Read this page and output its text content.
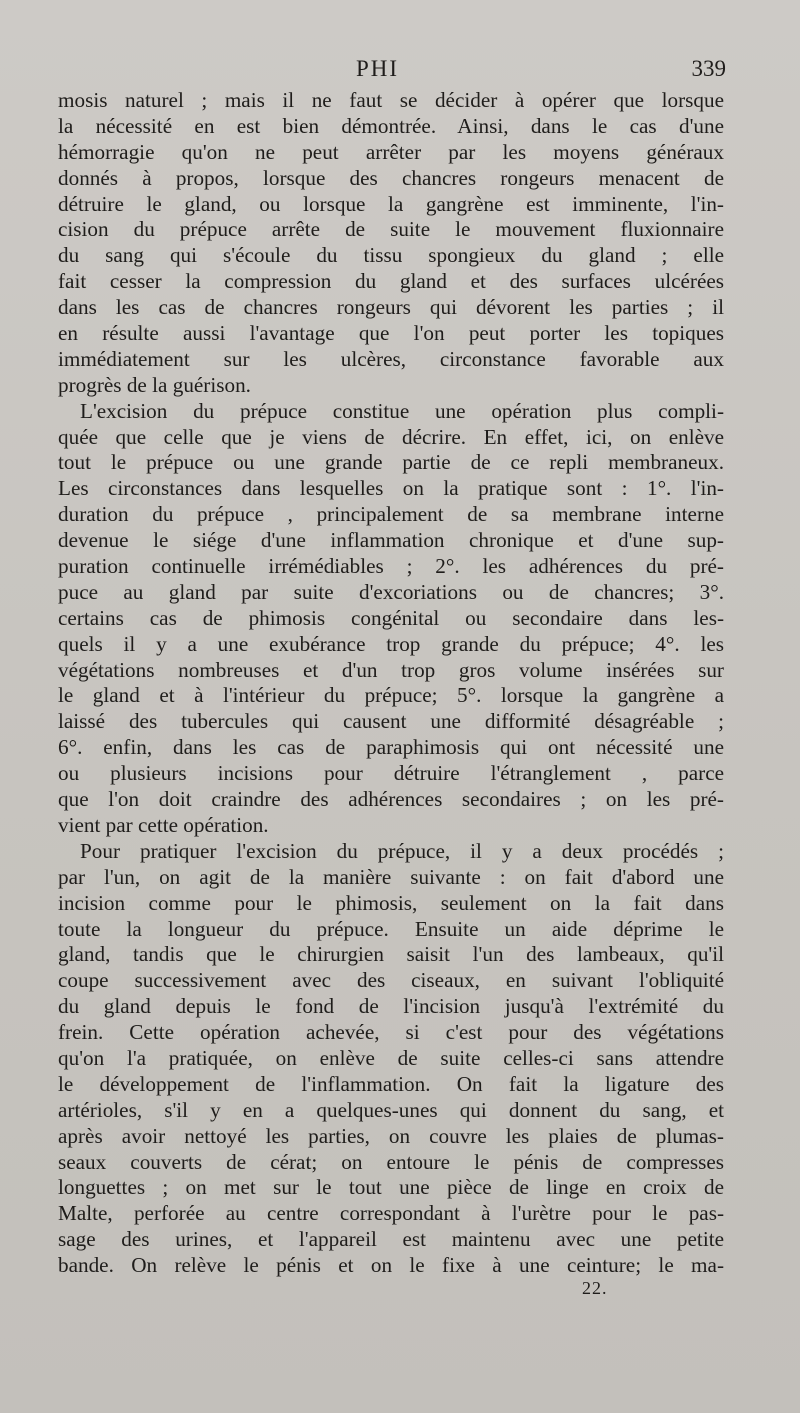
PHI	339
mosis naturel ; mais il ne faut se décider à opérer que lorsque
la nécessité en est bien démontrée. Ainsi, dans le cas d'une
hémorragie qu'on ne peut arrêter par les moyens généraux
donnés à propos, lorsque des chancres rongeurs menacent de
détruire le gland, ou lorsque la gangrène est imminente, l'in-
cision du prépuce arrête de suite le mouvement fluxionnaire
du sang qui s'écoule du tissu spongieux du gland ; elle
fait cesser la compression du gland et des surfaces ulcérées
dans les cas de chancres rongeurs qui dévorent les parties ; il
en résulte aussi l'avantage que l'on peut porter les topiques
immédiatement sur les ulcères, circonstance favorable aux
progrès de la guérison.
L'excision du prépuce constitue une opération plus compli-
quée que celle que je viens de décrire. En effet, ici, on enlève
tout le prépuce ou une grande partie de ce repli membraneux.
Les circonstances dans lesquelles on la pratique sont : 1°. l'in-
duration du prépuce , principalement de sa membrane interne
devenue le siége d'une inflammation chronique et d'une sup-
puration continuelle irrémédiables ; 2°. les adhérences du pré-
puce au gland par suite d'excoriations ou de chancres; 3°.
certains cas de phimosis congénital ou secondaire dans les-
quels il y a une exubérance trop grande du prépuce; 4°. les
végétations nombreuses et d'un trop gros volume insérées sur
le gland et à l'intérieur du prépuce; 5°. lorsque la gangrène a
laissé des tubercules qui causent une difformité désagréable ;
6°. enfin, dans les cas de paraphimosis qui ont nécessité une
ou plusieurs incisions pour détruire l'étranglement , parce
que l'on doit craindre des adhérences secondaires ; on les pré-
vient par cette opération.
Pour pratiquer l'excision du prépuce, il y a deux procédés ;
par l'un, on agit de la manière suivante : on fait d'abord une
incision comme pour le phimosis, seulement on la fait dans
toute la longueur du prépuce. Ensuite un aide déprime le
gland, tandis que le chirurgien saisit l'un des lambeaux, qu'il
coupe successivement avec des ciseaux, en suivant l'obliquité
du gland depuis le fond de l'incision jusqu'à l'extrémité du
frein. Cette opération achevée, si c'est pour des végétations
qu'on l'a pratiquée, on enlève de suite celles-ci sans attendre
le développement de l'inflammation. On fait la ligature des
artérioles, s'il y en a quelques-unes qui donnent du sang, et
après avoir nettoyé les parties, on couvre les plaies de plumas-
seaux couverts de cérat; on entoure le pénis de compresses
longuettes ; on met sur le tout une pièce de linge en croix de
Malte, perforée au centre correspondant à l'urètre pour le pas-
sage des urines, et l'appareil est maintenu avec une petite
bande. On relève le pénis et on le fixe à une ceinture; le ma-
22.
